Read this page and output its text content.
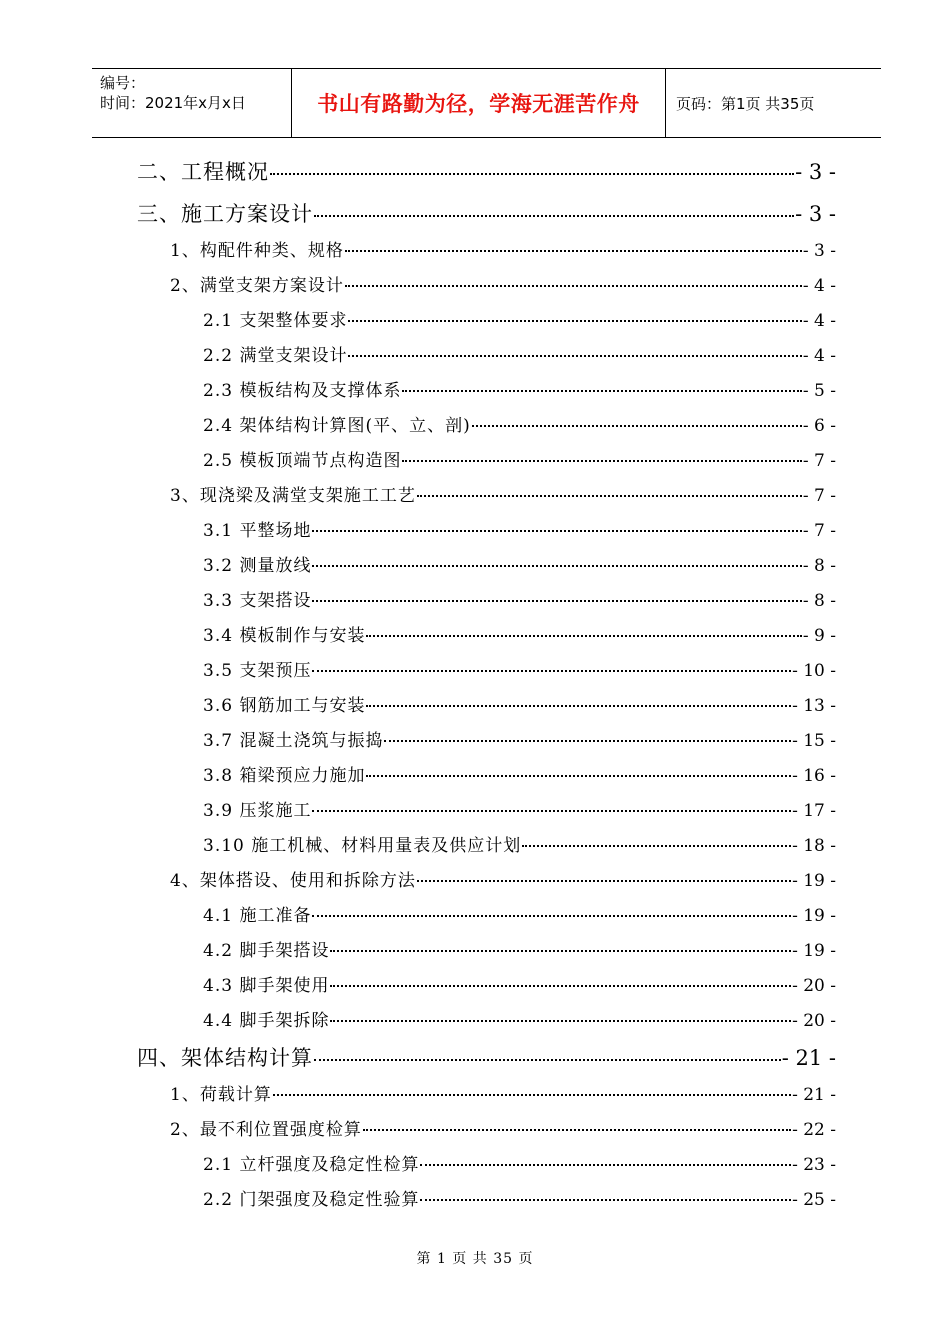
编号：
时间：2021年x月x日	书山有路勤为径，学海无涯苦作舟 页码：第1页 共35页
二、工程概况	- 3 -
三、施工方案设计	- 3 -
1、构配件种类、规格	- 3 -
2、满堂支架方案设计	- 4 -
2.1 支架整体要求	- 4 -
2.2 满堂支架设计	- 4 -
2.3 模板结构及支撑体系	- 5 -
2.4 架体结构计算图(平、立、剖)	- 6 -
2.5 模板顶端节点构造图	- 7 -
3、现浇梁及满堂支架施工工艺	- 7 -
3.1 平整场地	- 7 -
3.2 测量放线	- 8 -
3.3 支架搭设	- 8 -
3.4 模板制作与安装	- 9 -
3.5 支架预压	- 10 -
3.6 钢筋加工与安装	- 13 -
3.7 混凝土浇筑与振捣	- 15 -
3.8 箱梁预应力施加	- 16 -
3.9 压浆施工	- 17 -
3.10 施工机械、材料用量表及供应计划	- 18 -
4、架体搭设、使用和拆除方法	- 19 -
4.1 施工准备	- 19 -
4.2 脚手架搭设	- 19 -
4.3 脚手架使用	- 20 -
4.4 脚手架拆除	- 20 -
四、架体结构计算	- 21 -
1、荷载计算	- 21 -
2、最不利位置强度检算	- 22 -
2.1 立杆强度及稳定性检算	- 23 -
2.2 门架强度及稳定性验算	- 25 -
第 1 页 共 35 页
